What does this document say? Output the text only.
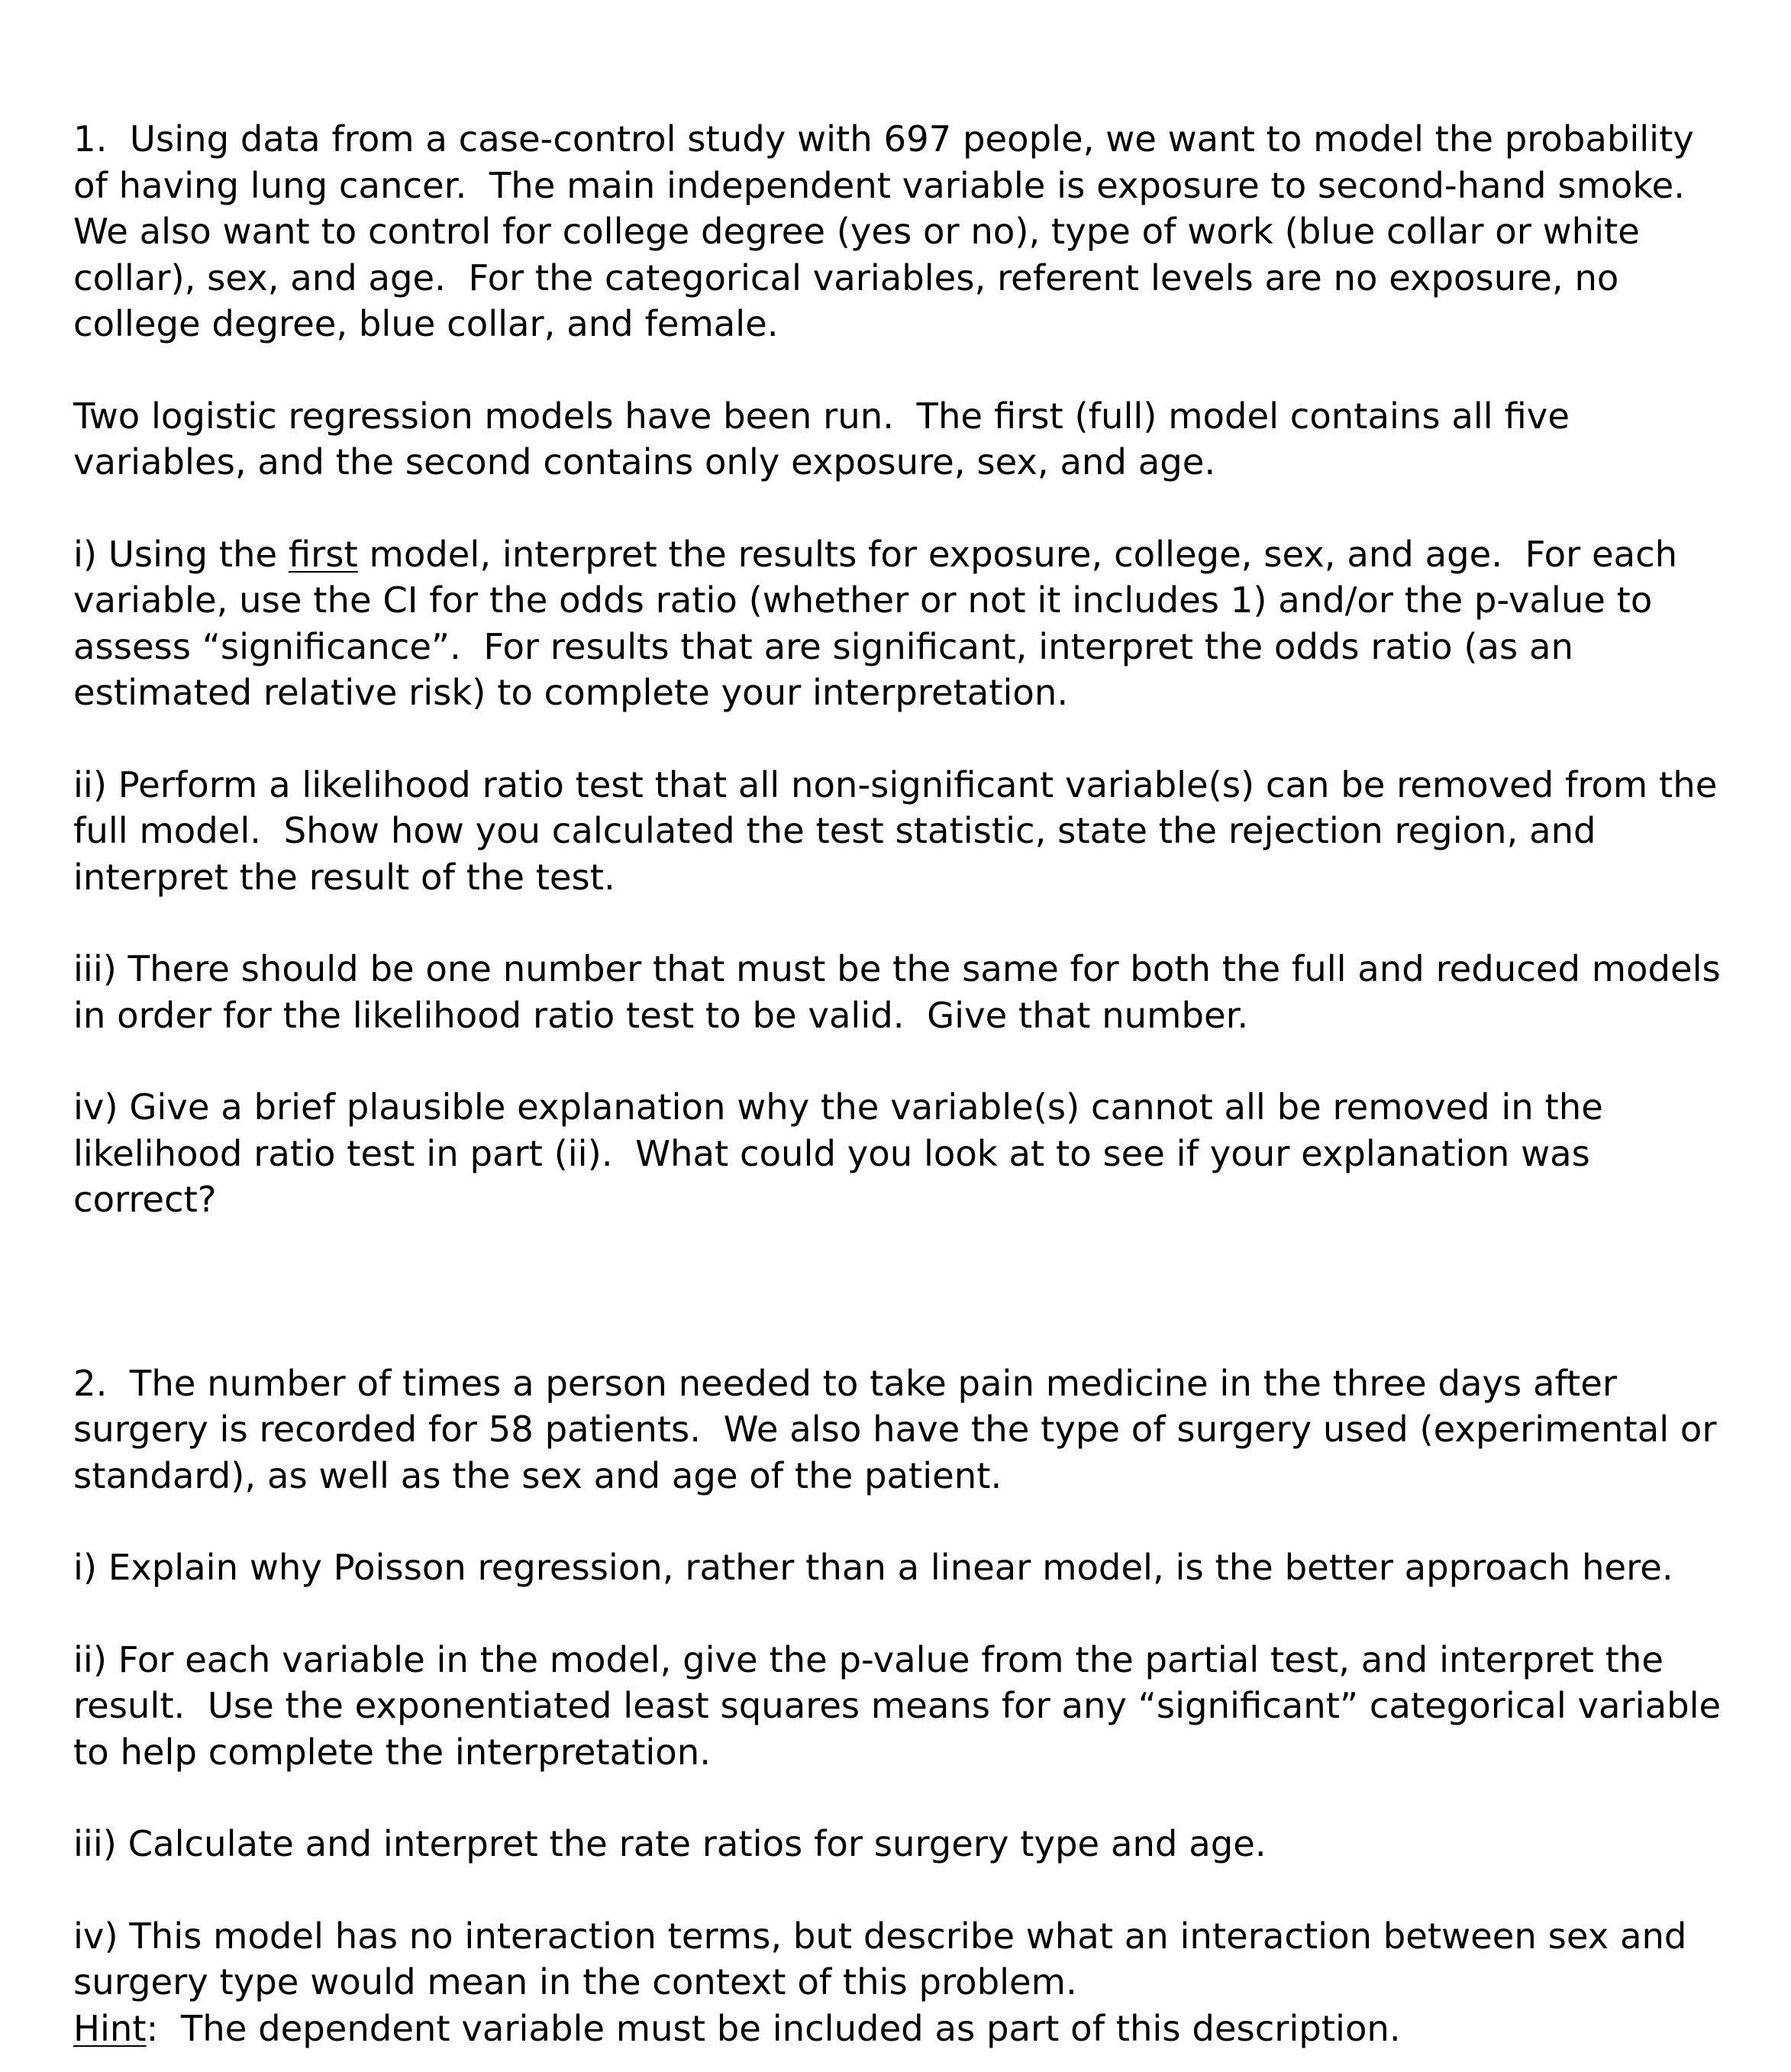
1.  Using data from a case-control study with 697 people, we want to model the probability of having lung cancer.  The main independent variable is exposure to second-hand smoke.  We also want to control for college degree (yes or no), type of work (blue collar or white collar), sex, and age.  For the categorical variables, referent levels are no exposure, no college degree, blue collar, and female.

Two logistic regression models have been run.  The first (full) model contains all five variables, and the second contains only exposure, sex, and age.

i) Using the first model, interpret the results for exposure, college, sex, and age.  For each variable, use the CI for the odds ratio (whether or not it includes 1) and/or the p-value to assess “significance”.  For results that are significant, interpret the odds ratio (as an estimated relative risk) to complete your interpretation.

ii) Perform a likelihood ratio test that all non-significant variable(s) can be removed from the full model.  Show how you calculated the test statistic, state the rejection region, and interpret the result of the test.

iii) There should be one number that must be the same for both the full and reduced models in order for the likelihood ratio test to be valid.  Give that number.

iv) Give a brief plausible explanation why the variable(s) cannot all be removed in the likelihood ratio test in part (ii).  What could you look at to see if your explanation was correct?

2.  The number of times a person needed to take pain medicine in the three days after surgery is recorded for 58 patients.  We also have the type of surgery used (experimental or standard), as well as the sex and age of the patient.

i) Explain why Poisson regression, rather than a linear model, is the better approach here.

ii) For each variable in the model, give the p-value from the partial test, and interpret the result.  Use the exponentiated least squares means for any “significant” categorical variable to help complete the interpretation.

iii) Calculate and interpret the rate ratios for surgery type and age.

iv) This model has no interaction terms, but describe what an interaction between sex and surgery type would mean in the context of this problem.

Hint:  The dependent variable must be included as part of this description.
